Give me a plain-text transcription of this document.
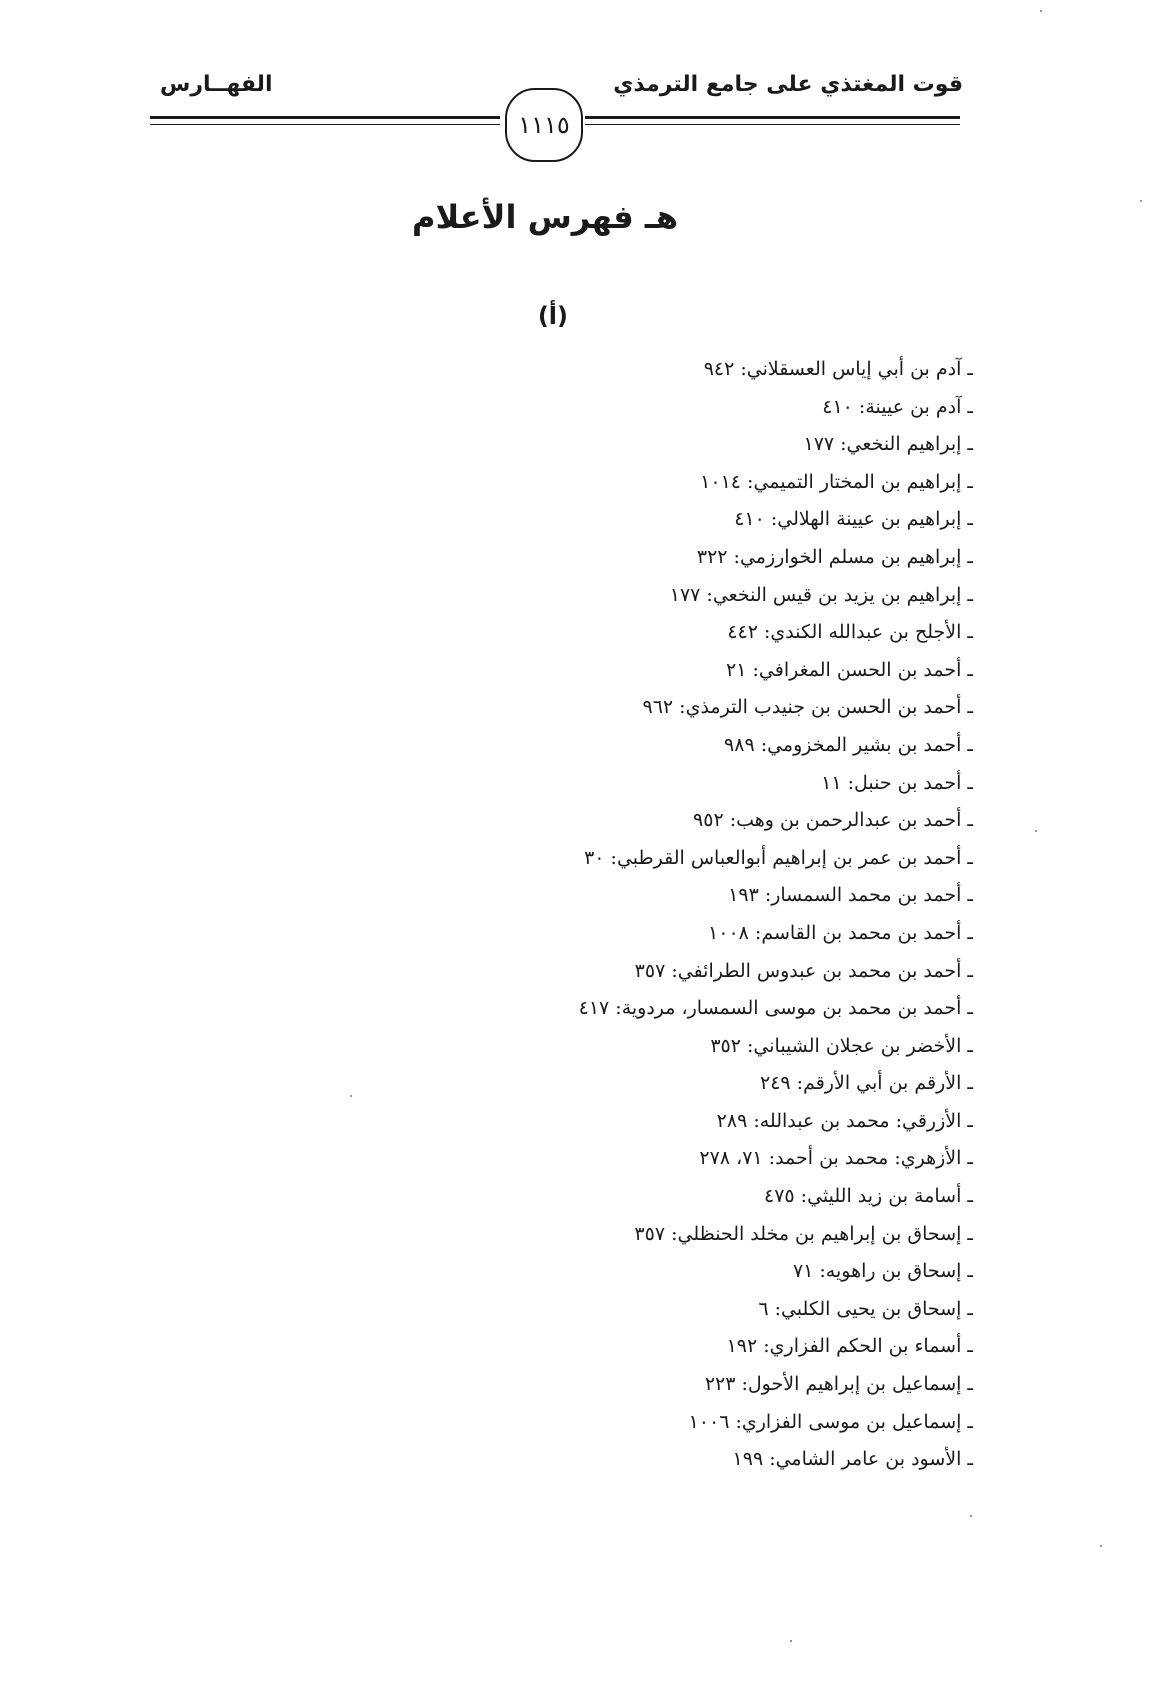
قوت المغتذي على جامع الترمذي
الفهــارس
١١١٥
هـ فهرس الأعلام
(أ)
ـ آدم بن أبي إياس العسقلاني: ٩٤٢
ـ آدم بن عيينة: ٤١٠
ـ إبراهيم النخعي: ١٧٧
ـ إبراهيم بن المختار التميمي: ١٠١٤
ـ إبراهيم بن عيينة الهلالي: ٤١٠
ـ إبراهيم بن مسلم الخوارزمي: ٣٢٢
ـ إبراهيم بن يزيد بن قيس النخعي: ١٧٧
ـ الأجلح بن عبدالله الكندي: ٤٤٢
ـ أحمد بن الحسن المغرافي: ٢١
ـ أحمد بن الحسن بن جنيدب الترمذي: ٩٦٢
ـ أحمد بن بشير المخزومي: ٩٨٩
ـ أحمد بن حنبل: ١١
ـ أحمد بن عبدالرحمن بن وهب: ٩٥٢
ـ أحمد بن عمر بن إبراهيم أبوالعباس القرطبي: ٣٠
ـ أحمد بن محمد السمسار: ١٩٣
ـ أحمد بن محمد بن القاسم: ١٠٠٨
ـ أحمد بن محمد بن عبدوس الطرائفي: ٣٥٧
ـ أحمد بن محمد بن موسى السمسار، مردوية: ٤١٧
ـ الأخضر بن عجلان الشيباني: ٣٥٢
ـ الأرقم بن أبي الأرقم: ٢٤٩
ـ الأزرقي: محمد بن عبدالله: ٢٨٩
ـ الأزهري: محمد بن أحمد: ٧١، ٢٧٨
ـ أسامة بن زيد الليثي: ٤٧٥
ـ إسحاق بن إبراهيم بن مخلد الحنظلي: ٣٥٧
ـ إسحاق بن راهويه: ٧١
ـ إسحاق بن يحيى الكلبي: ٦
ـ أسماء بن الحكم الفزاري: ١٩٢
ـ إسماعيل بن إبراهيم الأحول: ٢٢٣
ـ إسماعيل بن موسى الفزاري: ١٠٠٦
ـ الأسود بن عامر الشامي: ١٩٩
